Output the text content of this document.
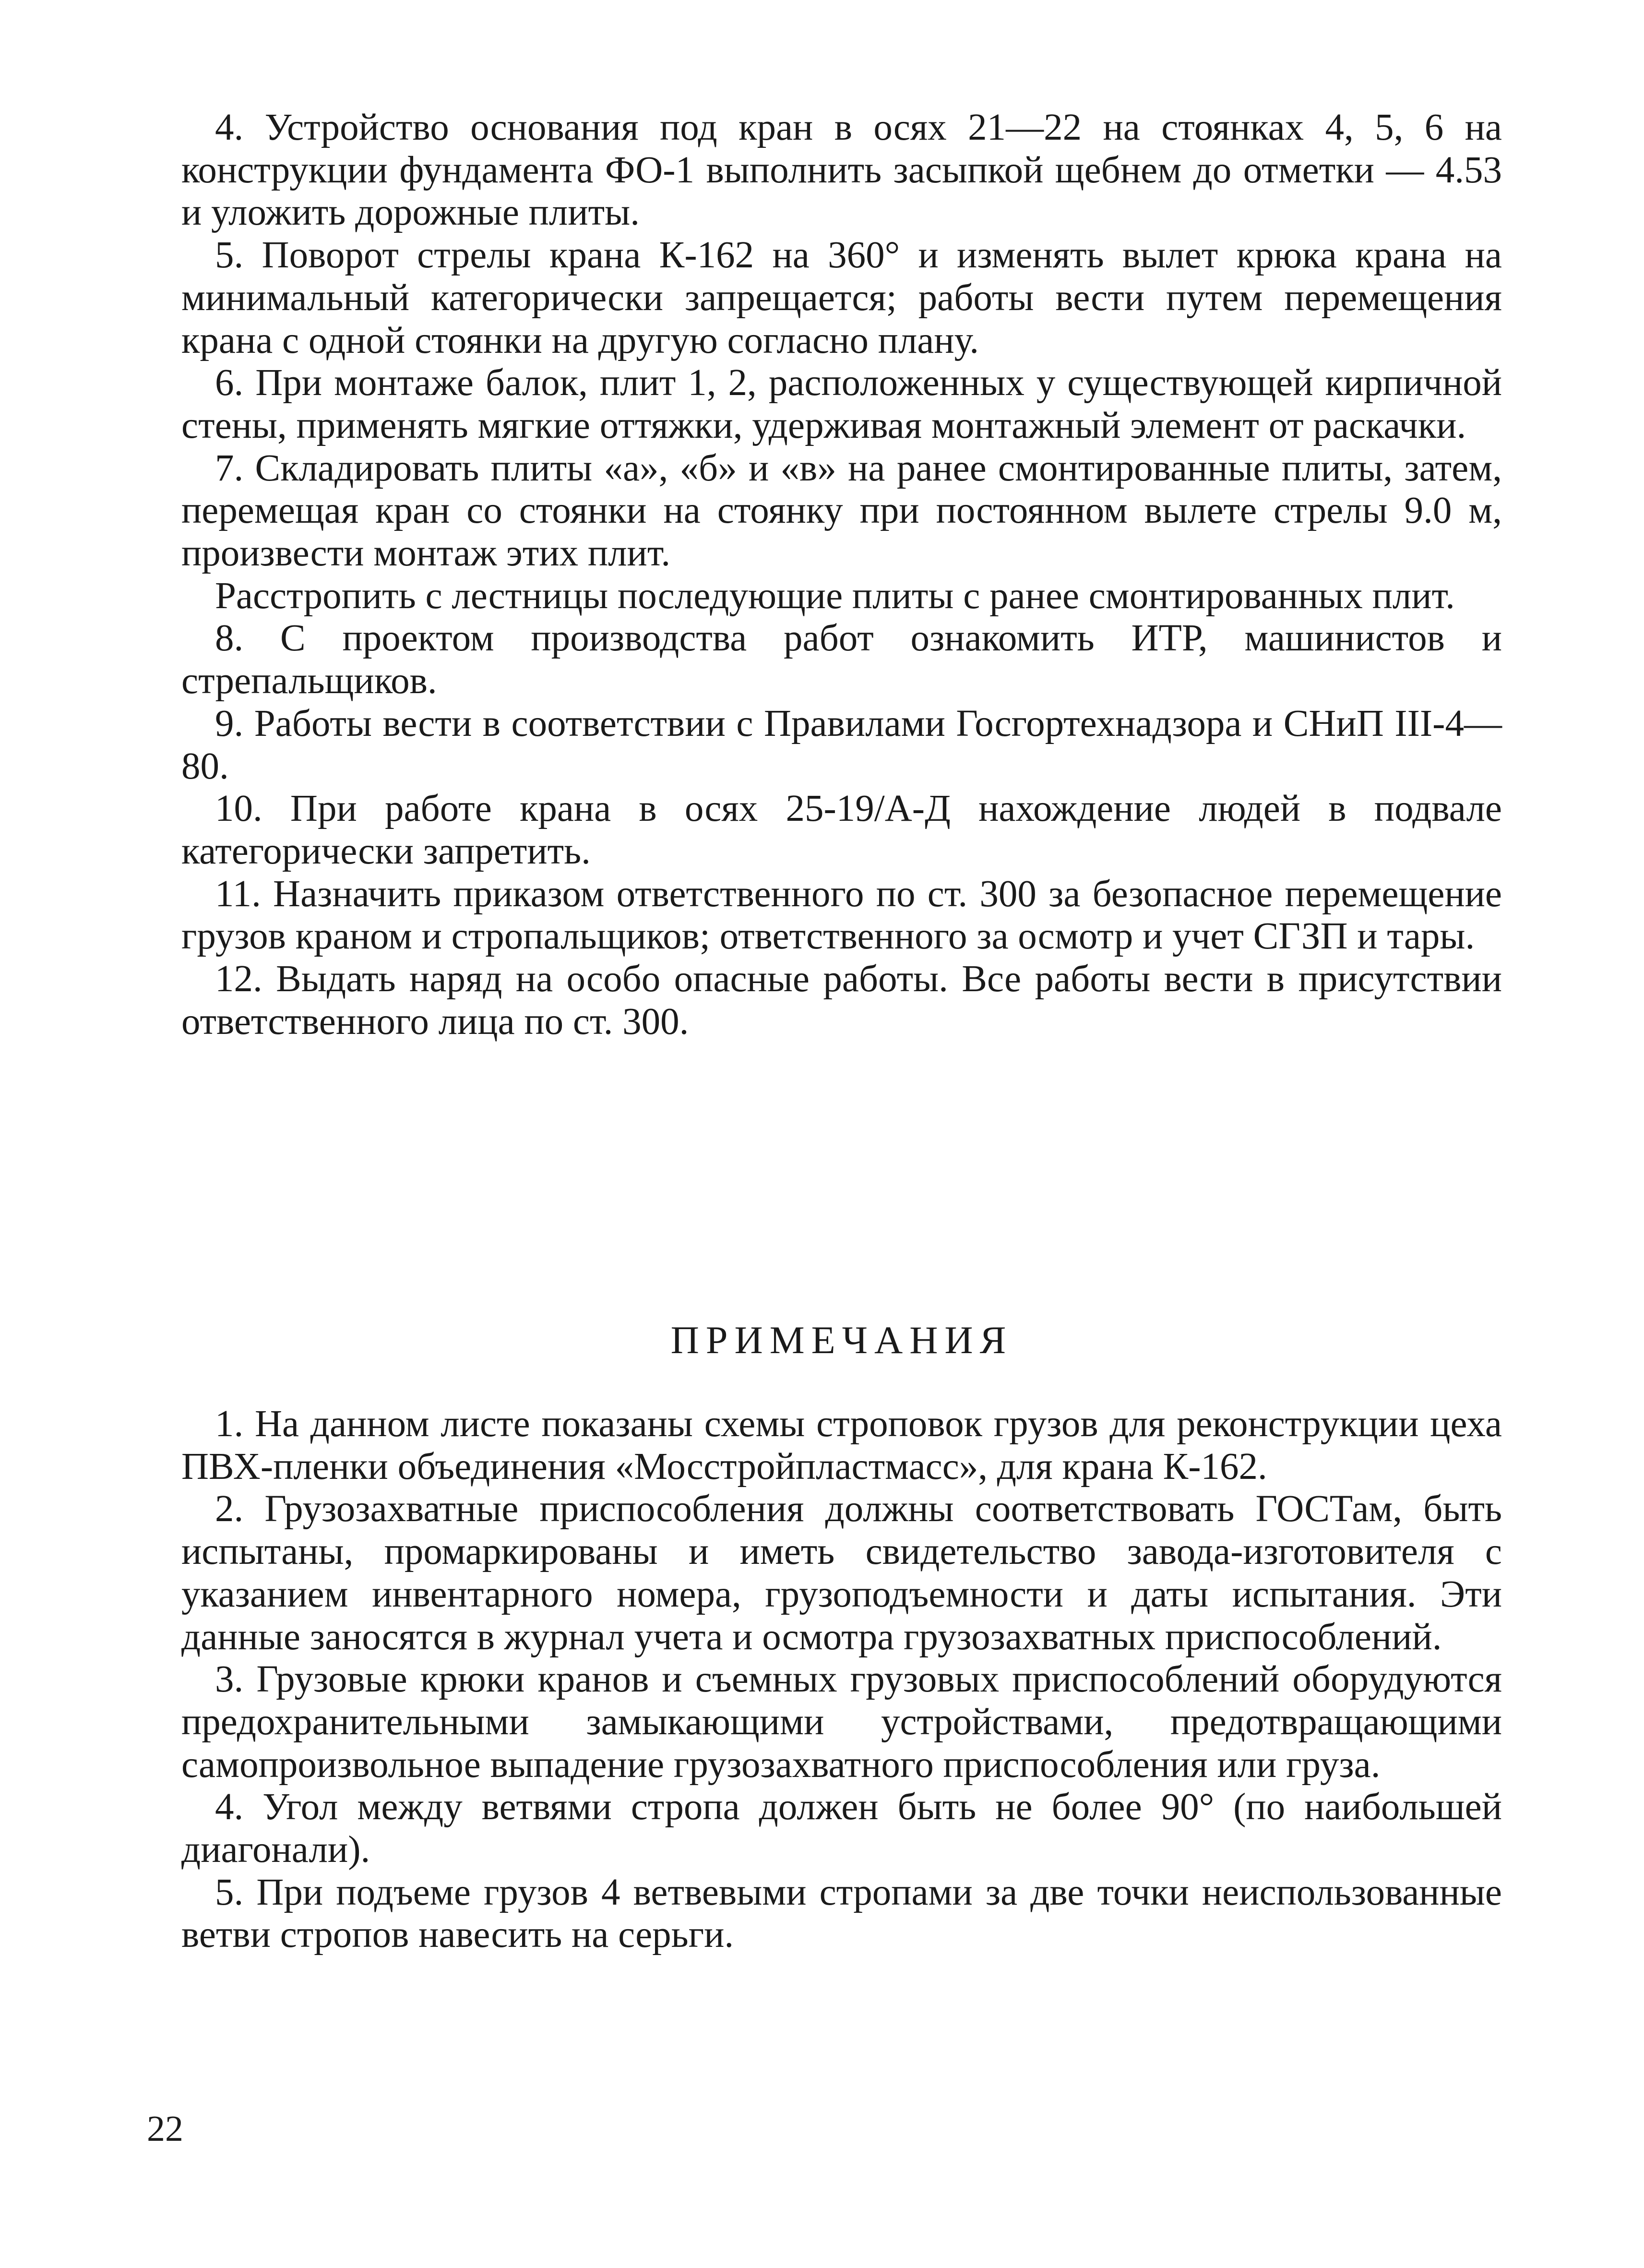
4. Устройство основания под кран в осях 21—22 на стоянках 4, 5, 6 на конструкции фундамента ФО-1 выполнить засыпкой щебнем до отметки — 4.53 и уложить дорожные плиты.

5. Поворот стрелы крана К-162 на 360° и изменять вылет крюка крана на минимальный категорически запрещается; работы вести путем перемещения крана с одной стоянки на другую согласно плану.

6. При монтаже балок, плит 1, 2, расположенных у существующей кирпичной стены, применять мягкие оттяжки, удерживая монтажный элемент от раскачки.

7. Складировать плиты «а», «б» и «в» на ранее смонтированные плиты, затем, перемещая кран со стоянки на стоянку при постоянном вылете стрелы 9.0 м, произвести монтаж этих плит.

Расстропить с лестницы последующие плиты с ранее смонтированных плит.

8. С проектом производства работ ознакомить ИТР, машинистов и стрепальщиков.

9. Работы вести в соответствии с Правилами Госгортехнадзора и СНиП III-4—80.

10. При работе крана в осях 25-19/А-Д нахождение людей в подвале категорически запретить.

11. Назначить приказом ответственного по ст. 300 за безопасное перемещение грузов краном и стропальщиков; ответственного за осмотр и учет СГЗП и тары.

12. Выдать наряд на особо опасные работы. Все работы вести в присутствии ответственного лица по ст. 300.

ПРИМЕЧАНИЯ

1. На данном листе показаны схемы строповок грузов для реконструкции цеха ПВХ-пленки объединения «Мосстройпластмасс», для крана К-162.

2. Грузозахватные приспособления должны соответствовать ГОСТам, быть испытаны, промаркированы и иметь свидетельство завода-изготовителя с указанием инвентарного номера, грузоподъемности и даты испытания. Эти данные заносятся в журнал учета и осмотра грузозахватных приспособлений.

3. Грузовые крюки кранов и съемных грузовых приспособлений оборудуются предохранительными замыкающими устройствами, предотвращающими самопроизвольное выпадение грузозахватного приспособления или груза.

4. Угол между ветвями стропа должен быть не более 90° (по наибольшей диагонали).

5. При подъеме грузов 4 ветвевыми стропами за две точки неиспользованные ветви стропов навесить на серьги.

22
